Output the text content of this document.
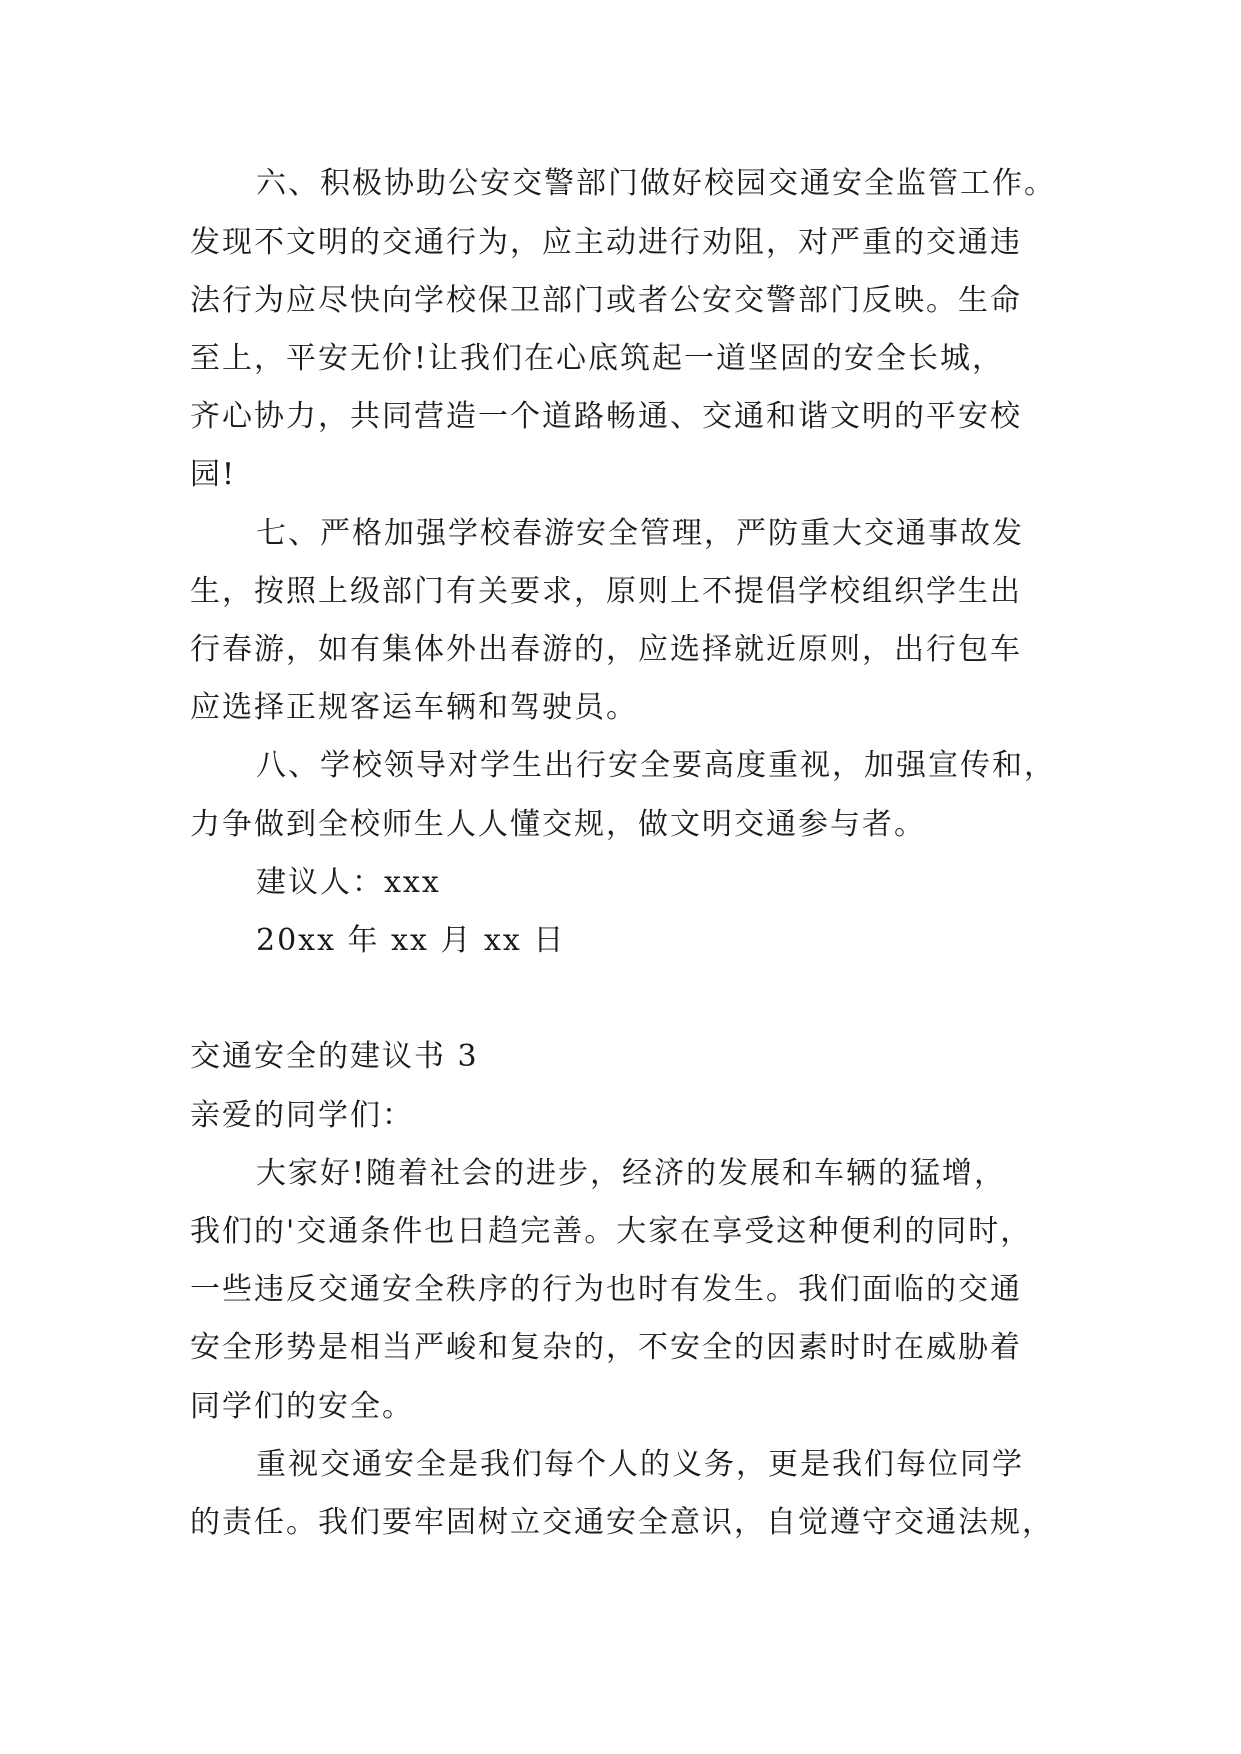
六、积极协助公安交警部门做好校园交通安全监管工作。

发现不文明的交通行为，应主动进行劝阻，对严重的交通违

法行为应尽快向学校保卫部门或者公安交警部门反映。生命

至上，平安无价!让我们在心底筑起一道坚固的安全长城，

齐心协力，共同营造一个道路畅通、交通和谐文明的平安校

园!

七、严格加强学校春游安全管理，严防重大交通事故发

生，按照上级部门有关要求，原则上不提倡学校组织学生出

行春游，如有集体外出春游的，应选择就近原则，出行包车

应选择正规客运车辆和驾驶员。

八、学校领导对学生出行安全要高度重视，加强宣传和，

力争做到全校师生人人懂交规，做文明交通参与者。

建议人：xxx

20xx 年 xx 月 xx 日

交通安全的建议书 3

亲爱的同学们：

大家好!随着社会的进步，经济的发展和车辆的猛增，

我们的'交通条件也日趋完善。大家在享受这种便利的同时，

一些违反交通安全秩序的行为也时有发生。我们面临的交通

安全形势是相当严峻和复杂的，不安全的因素时时在威胁着

同学们的安全。

重视交通安全是我们每个人的义务，更是我们每位同学

的责任。我们要牢固树立交通安全意识，自觉遵守交通法规，
